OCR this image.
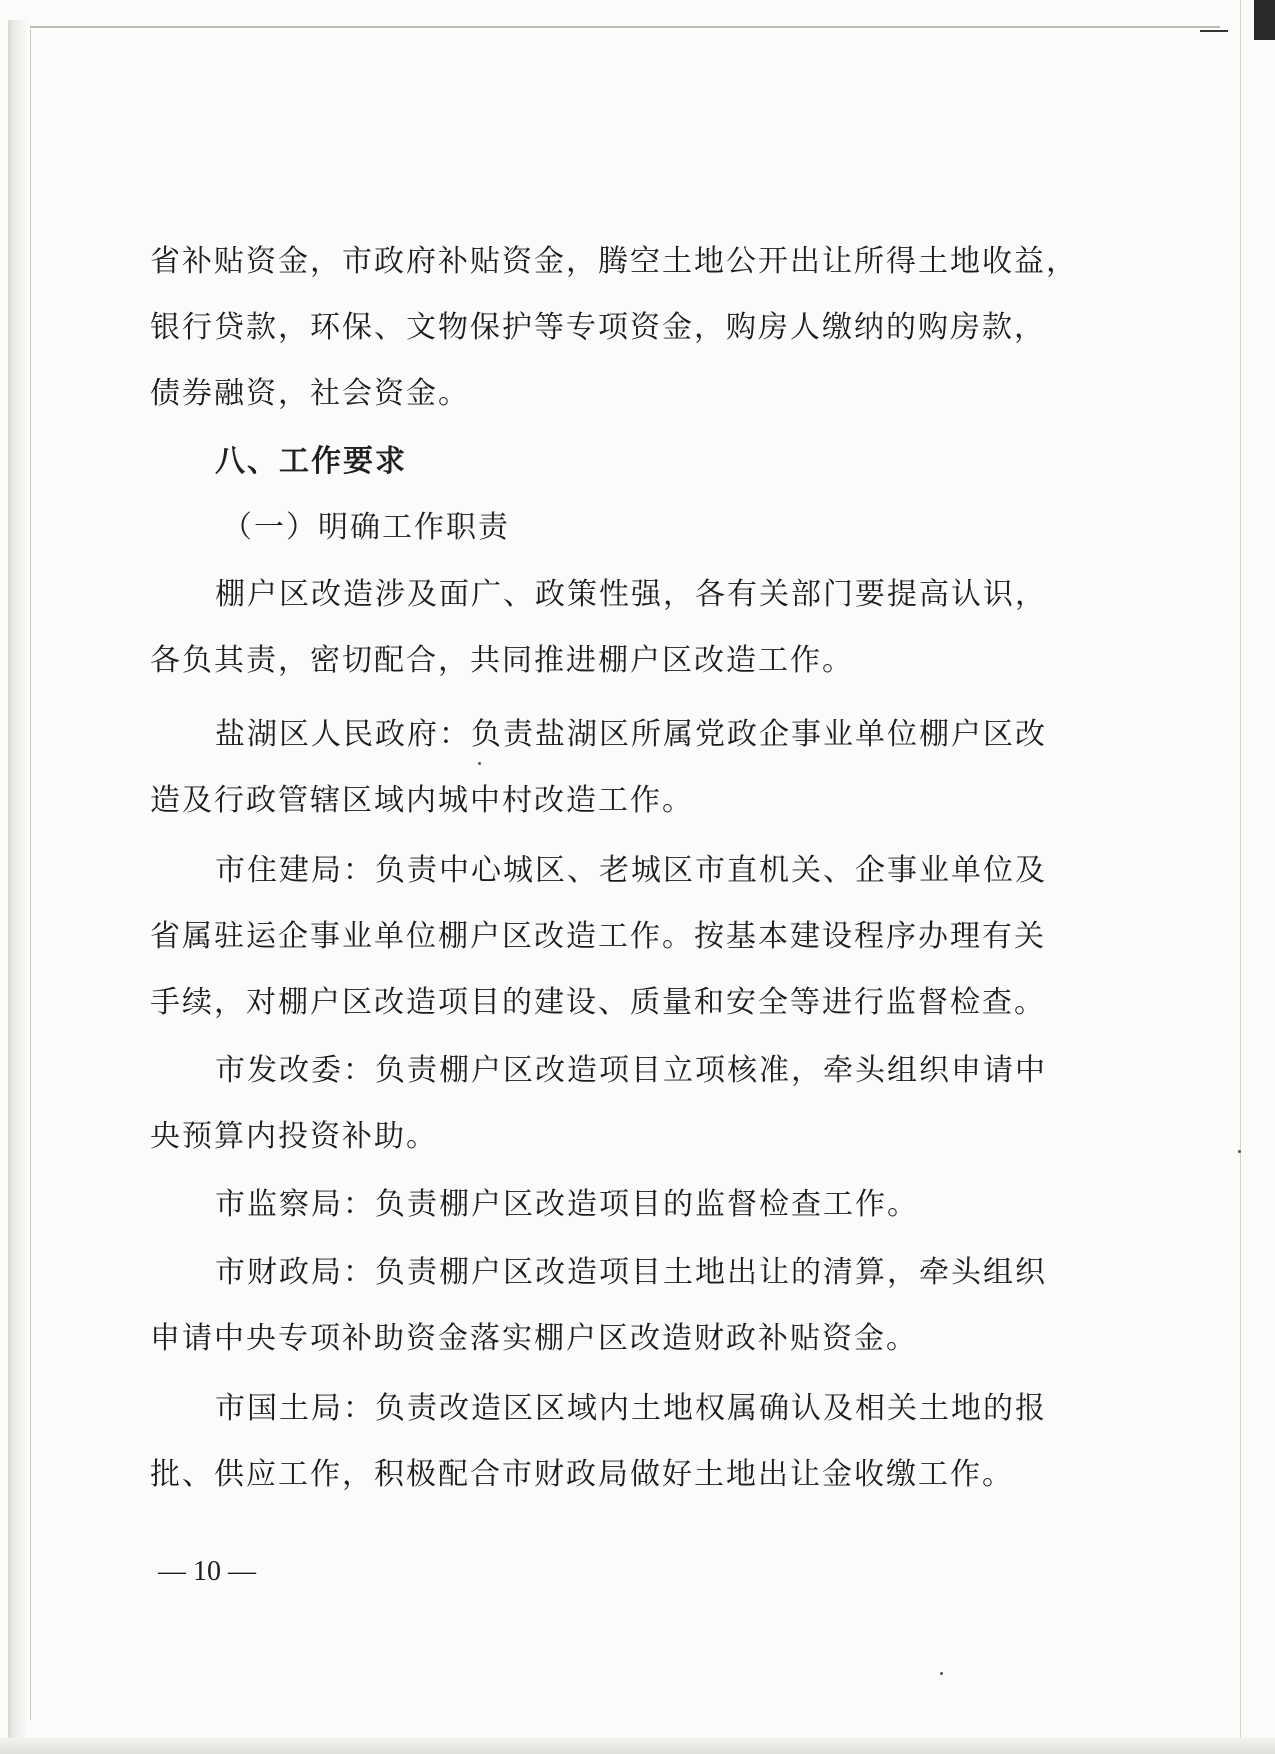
省补贴资金，市政府补贴资金，腾空土地公开出让所得土地收益，
银行贷款，环保、文物保护等专项资金，购房人缴纳的购房款，
债券融资，社会资金。
八、工作要求
（一）明确工作职责
棚户区改造涉及面广、政策性强，各有关部门要提高认识，
各负其责，密切配合，共同推进棚户区改造工作。
盐湖区人民政府：负责盐湖区所属党政企事业单位棚户区改
造及行政管辖区域内城中村改造工作。
市住建局：负责中心城区、老城区市直机关、企事业单位及
省属驻运企事业单位棚户区改造工作。按基本建设程序办理有关
手续，对棚户区改造项目的建设、质量和安全等进行监督检查。
市发改委：负责棚户区改造项目立项核准，牵头组织申请中
央预算内投资补助。
市监察局：负责棚户区改造项目的监督检查工作。
市财政局：负责棚户区改造项目土地出让的清算，牵头组织
申请中央专项补助资金落实棚户区改造财政补贴资金。
市国土局：负责改造区区域内土地权属确认及相关土地的报
批、供应工作，积极配合市财政局做好土地出让金收缴工作。
— 10 —
